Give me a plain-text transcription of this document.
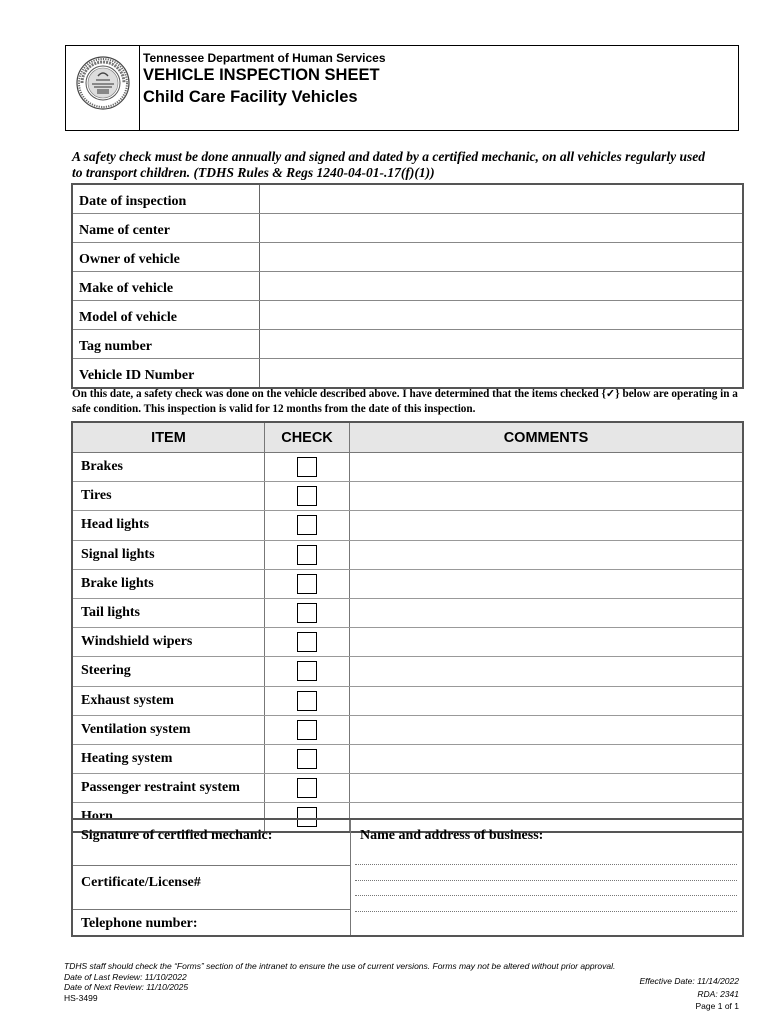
Tennessee Department of Human Services
VEHICLE INSPECTION SHEET
Child Care Facility Vehicles
A safety check must be done annually and signed and dated by a certified mechanic, on all vehicles regularly used to transport children. (TDHS Rules & Regs 1240-04-01-.17(f)(1))
Date of inspection
Name of center
Owner of vehicle
Make of vehicle
Model of vehicle
Tag number
Vehicle ID Number
On this date, a safety check was done on the vehicle described above. I have determined that the items checked {✓} below are operating in a safe condition. This inspection is valid for 12 months from the date of this inspection.
ITEM	CHECK	COMMENTS
Brakes
Tires
Head lights
Signal lights
Brake lights
Tail lights
Windshield wipers
Steering
Exhaust system
Ventilation system
Heating system
Passenger restraint system
Horn
Signature of certified mechanic:
Certificate/License#
Telephone number:
Name and address of business:
TDHS staff should check the “Forms” section of the intranet to ensure the use of current versions. Forms may not be altered without prior approval.
Date of Last Review: 11/10/2022
Date of Next Review: 11/10/2025
HS-3499
Effective Date: 11/14/2022
RDA: 2341
Page 1 of 1
